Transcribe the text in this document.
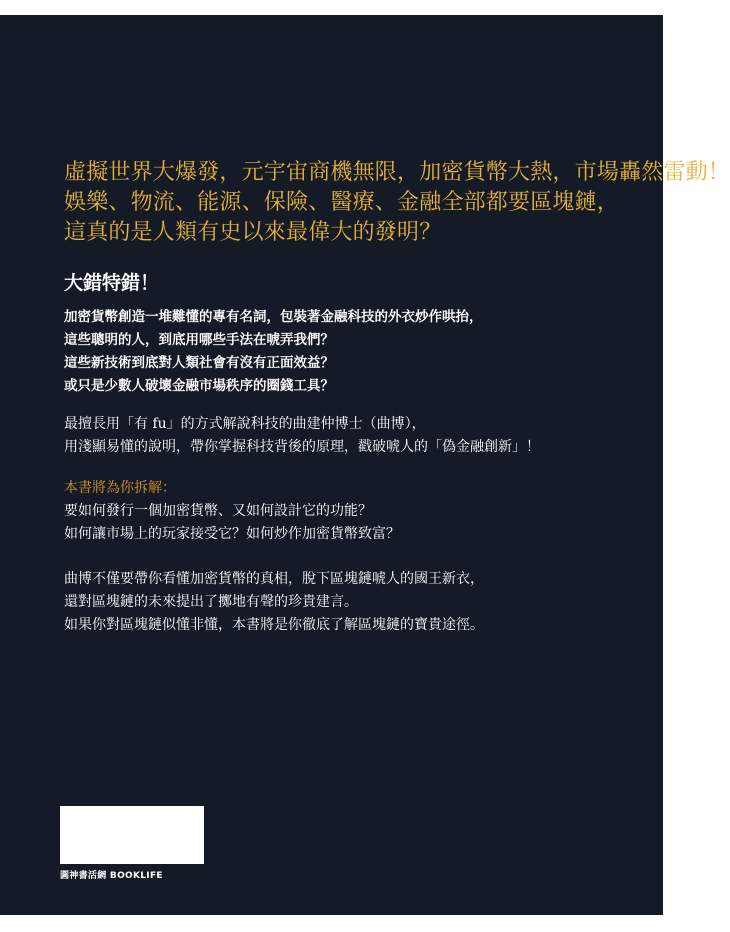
虛擬世界大爆發，元宇宙商機無限，加密貨幣大熱，市場轟然雷動！
娛樂、物流、能源、保險、醫療、金融全部都要區塊鏈，
這真的是人類有史以來最偉大的發明？
大錯特錯！
加密貨幣創造一堆難懂的專有名詞，包裝著金融科技的外衣炒作哄抬，
這些聰明的人，到底用哪些手法在唬弄我們？
這些新技術到底對人類社會有沒有正面效益？
或只是少數人破壞金融市場秩序的圈錢工具？
最擅長用「有 fu」的方式解說科技的曲建仲博士（曲博），
用淺顯易懂的說明，帶你掌握科技背後的原理，戳破唬人的「偽金融創新」！
本書將為你拆解：
要如何發行一個加密貨幣、又如何設計它的功能？
如何讓市場上的玩家接受它？如何炒作加密貨幣致富？
曲博不僅要帶你看懂加密貨幣的真相，脫下區塊鏈唬人的國王新衣，
還對區塊鏈的未來提出了擲地有聲的珍貴建言。
如果你對區塊鏈似懂非懂，本書將是你徹底了解區塊鏈的寶貴途徑。
圓神書活網 BOOKLIFE
